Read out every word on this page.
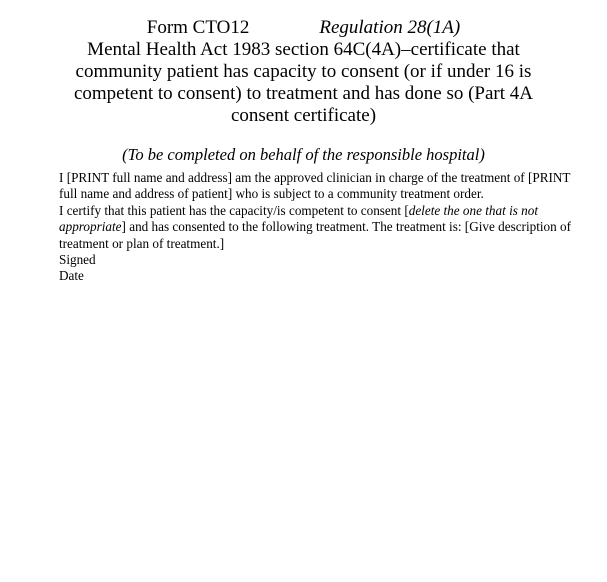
Form CTO12	Regulation 28(1A)
Mental Health Act 1983 section 64C(4A)–certificate that community patient has capacity to consent (or if under 16 is competent to consent) to treatment and has done so (Part 4A consent certificate)
(To be completed on behalf of the responsible hospital)

I [PRINT full name and address] am the approved clinician in charge of the treatment of [PRINT full name and address of patient] who is subject to a community treatment order.

I certify that this patient has the capacity/is competent to consent [delete the one that is not appropriate] and has consented to the following treatment. The treatment is: [Give description of treatment or plan of treatment.]

Signed

Date
